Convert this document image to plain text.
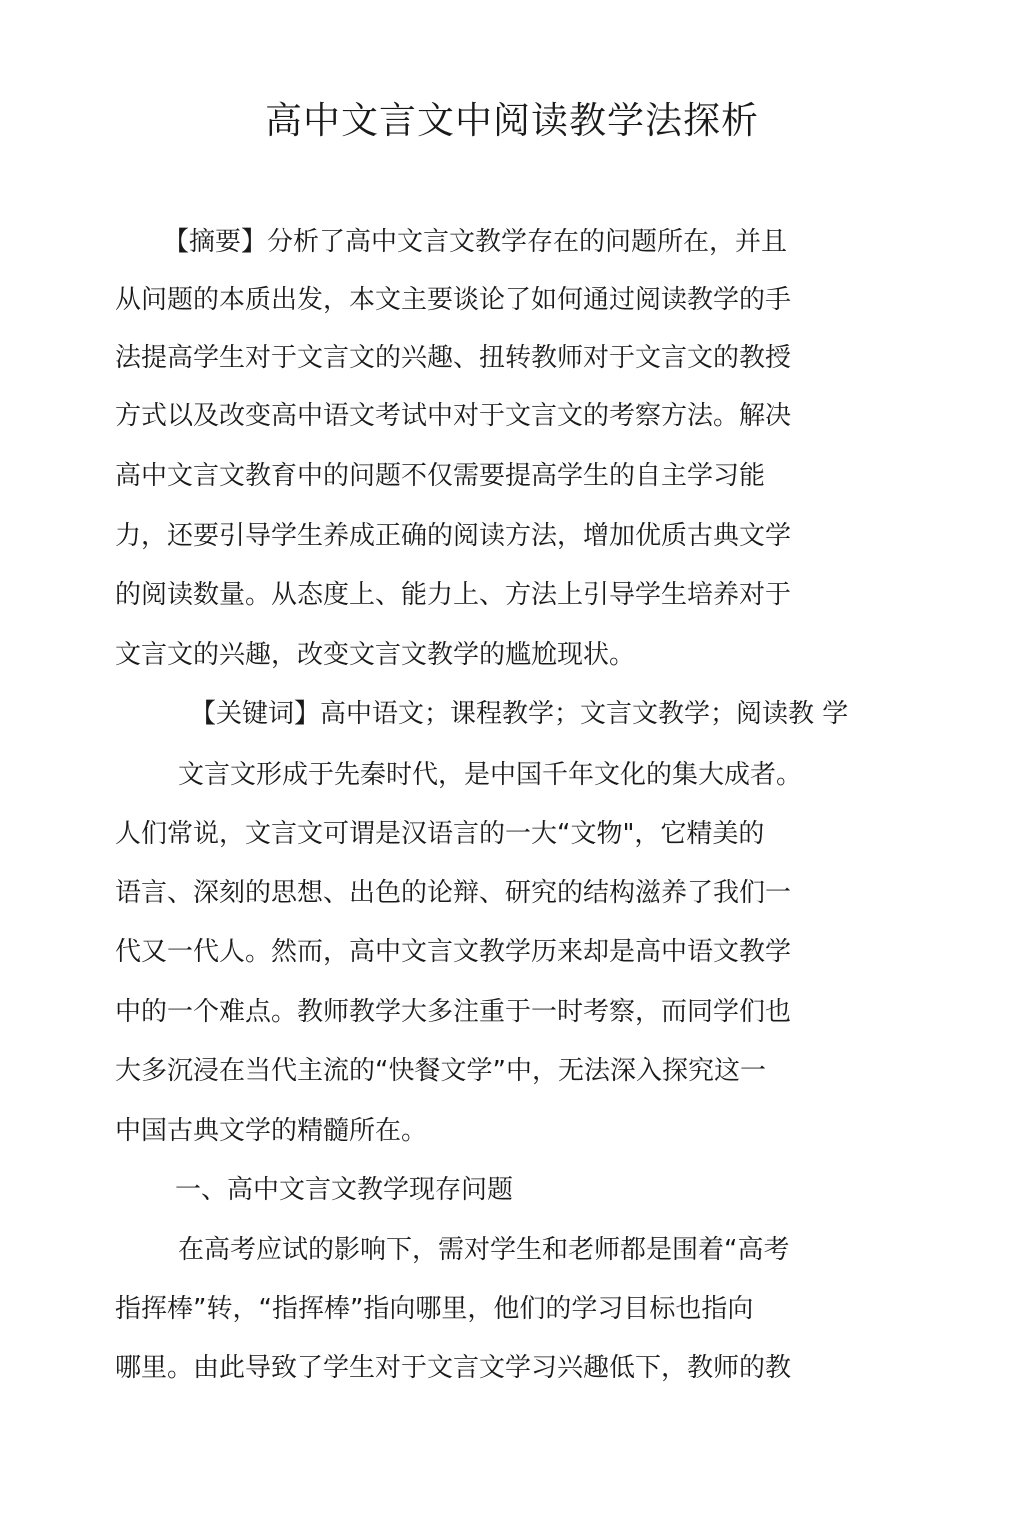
高中文言文中阅读教学法探析
【摘要】分析了高中文言文教学存在的问题所在，并且
从问题的本质出发，本文主要谈论了如何通过阅读教学的手
法提高学生对于文言文的兴趣、扭转教师对于文言文的教授
方式以及改变高中语文考试中对于文言文的考察方法。解决
高中文言文教育中的问题不仅需要提高学生的自主学习能
力，还要引导学生养成正确的阅读方法，增加优质古典文学
的阅读数量。从态度上、能力上、方法上引导学生培养对于
文言文的兴趣，改变文言文教学的尴尬现状。
【关键词】高中语文；课程教学；文言文教学；阅读教 学
文言文形成于先秦时代，是中国千年文化的集大成者。
人们常说，文言文可谓是汉语言的一大“文物"，它精美的
语言、深刻的思想、出色的论辩、研究的结构滋养了我们一
代又一代人。然而，高中文言文教学历来却是高中语文教学
中的一个难点。教师教学大多注重于一时考察，而同学们也
大多沉浸在当代主流的“快餐文学”中，无法深入探究这一
中国古典文学的精髓所在。
一、高中文言文教学现存问题
在高考应试的影响下，需对学生和老师都是围着“高考
指挥棒”转，“指挥棒”指向哪里，他们的学习目标也指向
哪里。由此导致了学生对于文言文学习兴趣低下，教师的教
